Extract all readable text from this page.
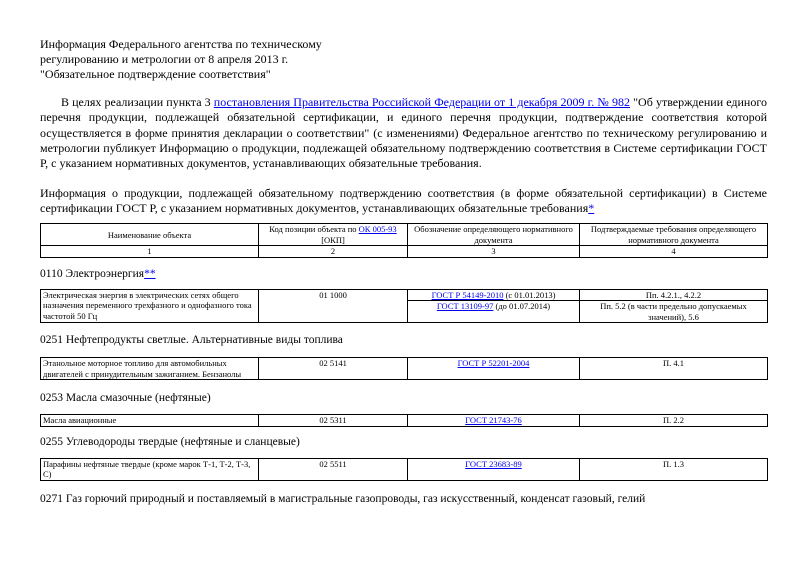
Информация Федерального агентства по техническому

регулированию и метрологии от 8 апреля 2013 г.

"Обязательное подтверждение соответствия"

В целях реализации пункта 3 постановления Правительства Российской Федерации от 1 декабря 2009 г. № 982 "Об утверждении единого перечня продукции, подлежащей обязательной сертификации, и единого перечня продукции, подтверждение соответствия которой осуществляется в форме принятия декларации о соответствии" (с изменениями) Федеральное агентство по техническому регулированию и метрологии публикует Информацию о продукции, подлежащей обязательному подтверждению соответствия в Системе сертификации ГОСТ Р, с указанием нормативных документов, устанавливающих обязательные требования.

Информация о продукции, подлежащей обязательному подтверждению соответствия (в форме обязательной сертификации) в Системе сертификации ГОСТ Р, с указанием нормативных документов, устанавливающих обязательные требования*

Наименование объекта	Код позиции объекта по ОК 005-93 [ОКП]	Обозначение определяющего нормативного документа	Подтверждаемые требования определяющего нормативного документа
1	2	3	4

0110 Электроэнергия**

Электрическая энергия в электрических сетях общего назначения переменного трехфазного и однофазного тока частотой 50 Гц	01 1000	ГОСТ Р 54149-2010 (с 01.01.2013)	Пп. 4.2.1., 4.2.2
		ГОСТ 13109-97 (до 01.07.2014)	Пп. 5.2 (в части предельно допускаемых значений), 5.6

0251 Нефтепродукты светлые. Альтернативные виды топлива

Этанольное моторное топливо для автомобильных двигателей с принудительным зажиганием. Бензанолы	02 5141	ГОСТ Р 52201-2004	П. 4.1

0253 Масла смазочные (нефтяные)

Масла авиационные	02 5311	ГОСТ 21743-76	П. 2.2

0255 Углеводороды твердые (нефтяные и сланцевые)

Парафины нефтяные твердые (кроме марок Т-1, Т-2, Т-3, С)	02 5511	ГОСТ 23683-89	П. 1.3

0271 Газ горючий природный и поставляемый в магистральные газопроводы, газ искусственный, конденсат газовый, гелий
